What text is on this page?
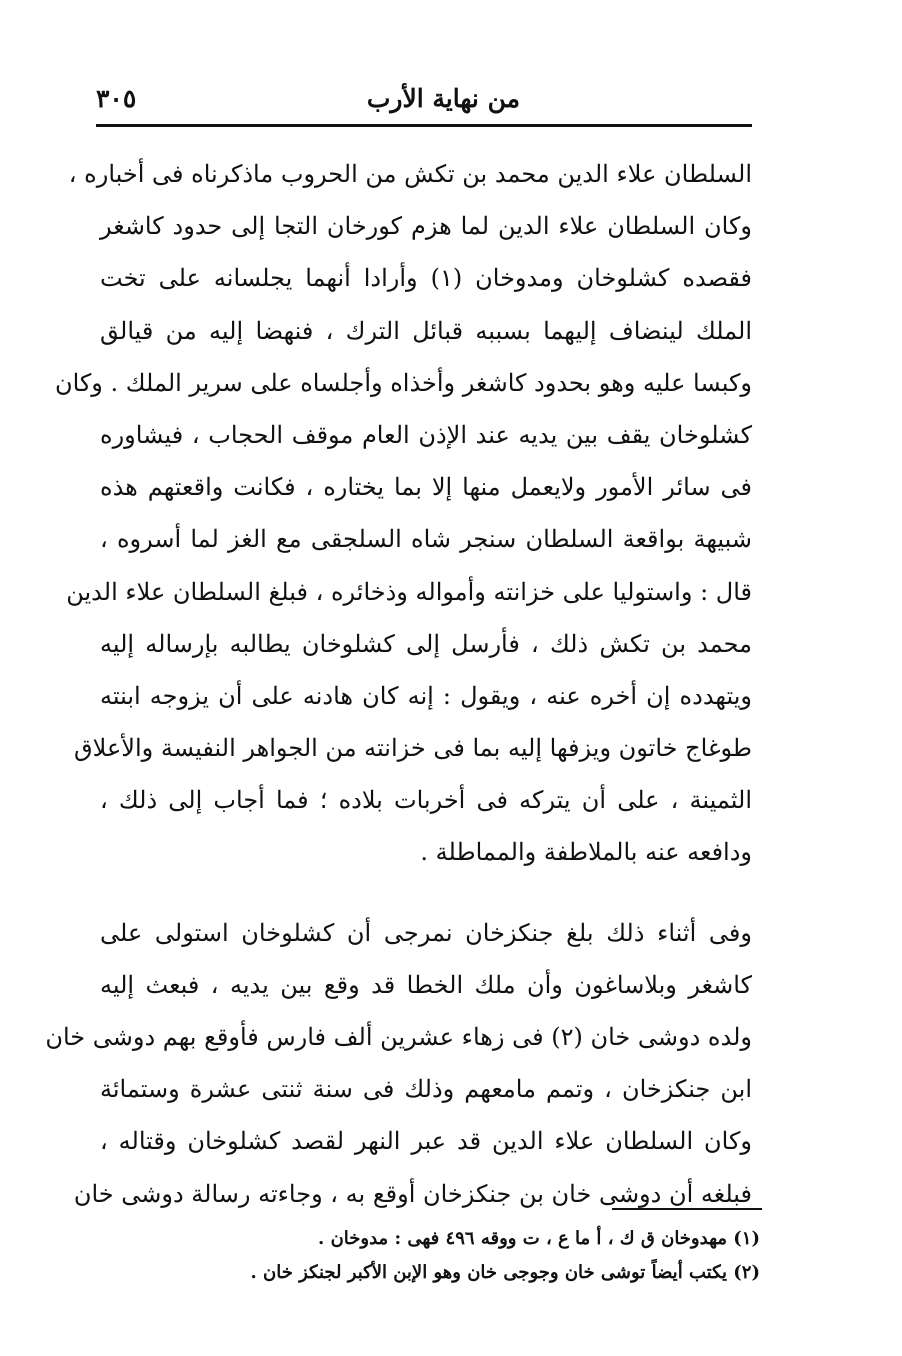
من نهاية الأرب
٣٠٥
السلطان علاء الدين محمد بن تكش من الحروب ماذكرناه فى أخباره ،
وكان السلطان علاء الدين لما هزم كورخان التجا إلى حدود كاشغر
فقصده كشلوخان ومدوخان (١) وأرادا أنهما يجلسانه على تخت
الملك لينضاف إليهما بسببه قبائل الترك ، فنهضا إليه من قيالق
وكبسا عليه وهو بحدود كاشغر وأخذاه وأجلساه على سرير الملك . وكان
كشلوخان يقف بين يديه عند الإذن العام موقف الحجاب ، فيشاوره
فى سائر الأمور ولايعمل منها إلا بما يختاره ، فكانت واقعتهم هذه
شبيهة بواقعة السلطان سنجر شاه السلجقى مع الغز لما أسروه ،
قال : واستوليا على خزانته وأمواله وذخائره ، فبلغ السلطان علاء الدين
محمد بن تكش ذلك ، فأرسل إلى كشلوخان يطالبه بإرساله إليه
ويتهدده إن أخره عنه ، ويقول : إنه كان هادنه على أن يزوجه ابنته
طوغاج خاتون ويزفها إليه بما فى خزانته من الجواهر النفيسة والأعلاق
الثمينة ، على أن يتركه فى أخربات بلاده ؛ فما أجاب إلى ذلك ،
ودافعه عنه بالملاطفة والمماطلة .
وفى أثناء ذلك بلغ جنكزخان نمرجى أن كشلوخان استولى على
كاشغر وبلاساغون وأن ملك الخطا قد وقع بين يديه ، فبعث إليه
ولده دوشى خان (٢) فى زهاء عشرين ألف فارس فأوقع بهم دوشى خان
ابن جنكزخان ، وتمم مامعهم وذلك فى سنة ثنتى عشرة وستمائة
وكان السلطان علاء الدين قد عبر النهر لقصد كشلوخان وقتاله ،
فبلغه أن دوشى خان بن جنكزخان أوقع به ، وجاءته رسالة دوشى خان
(١) مهدوخان ق ك ، أ ما ع ، ت ووقه ٤٩٦ فهى : مدوخان .
(٢) يكتب أيضاً توشى خان وجوجى خان وهو الإبن الأكبر لجنكز خان .
